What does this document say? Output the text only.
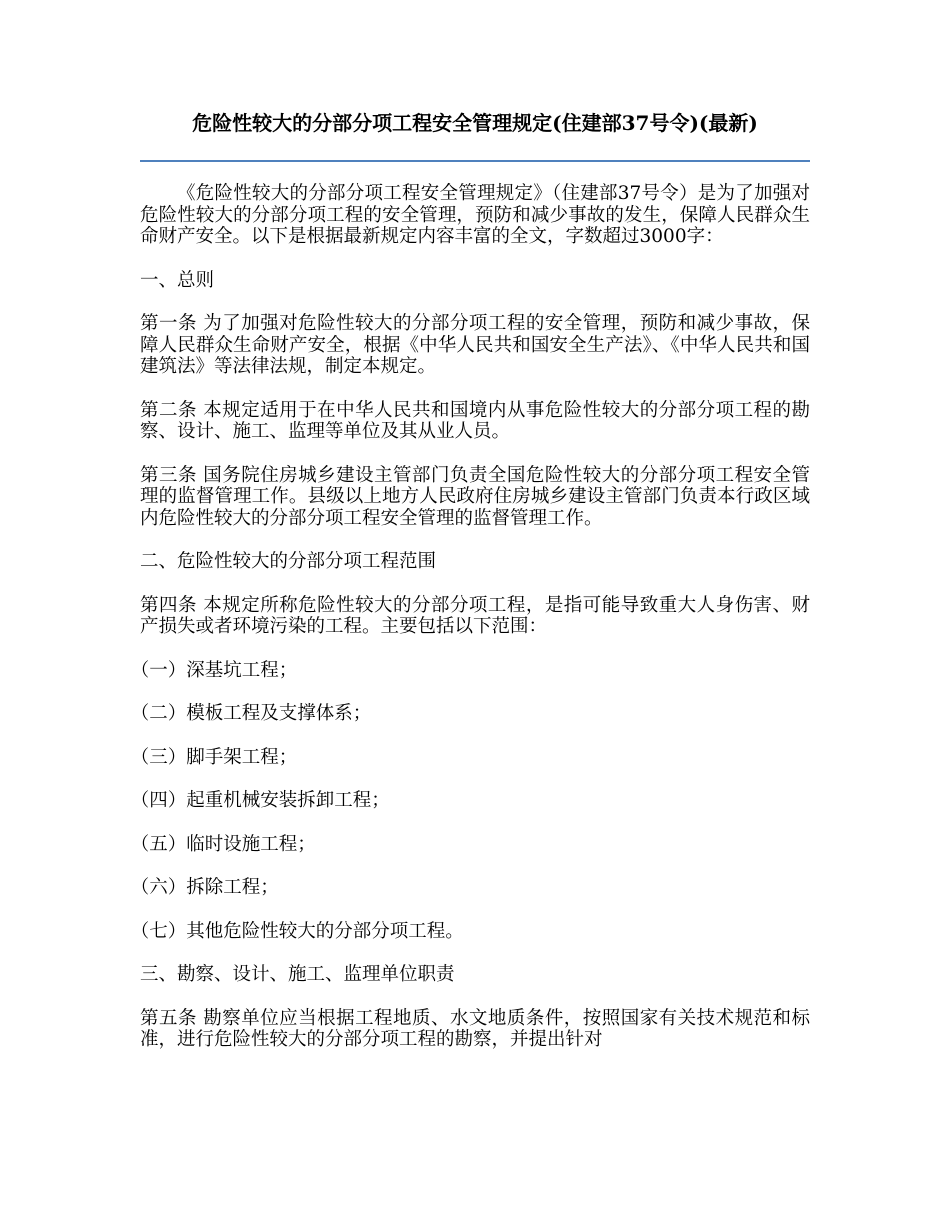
危险性较大的分部分项工程安全管理规定(住建部37号令)(最新)

《危险性较大的分部分项工程安全管理规定》（住建部37号令）是为了加强对危险性较大的分部分项工程的安全管理，预防和减少事故的发生，保障人民群众生命财产安全。以下是根据最新规定内容丰富的全文，字数超过3000字：

一、总则

第一条 为了加强对危险性较大的分部分项工程的安全管理，预防和减少事故，保障人民群众生命财产安全，根据《中华人民共和国安全生产法》、《中华人民共和国建筑法》等法律法规，制定本规定。

第二条 本规定适用于在中华人民共和国境内从事危险性较大的分部分项工程的勘察、设计、施工、监理等单位及其从业人员。

第三条 国务院住房城乡建设主管部门负责全国危险性较大的分部分项工程安全管理的监督管理工作。县级以上地方人民政府住房城乡建设主管部门负责本行政区域内危险性较大的分部分项工程安全管理的监督管理工作。

二、危险性较大的分部分项工程范围

第四条 本规定所称危险性较大的分部分项工程，是指可能导致重大人身伤害、财产损失或者环境污染的工程。主要包括以下范围：

（一）深基坑工程；

（二）模板工程及支撑体系；

（三）脚手架工程；

（四）起重机械安装拆卸工程；

（五）临时设施工程；

（六）拆除工程；

（七）其他危险性较大的分部分项工程。

三、勘察、设计、施工、监理单位职责

第五条 勘察单位应当根据工程地质、水文地质条件，按照国家有关技术规范和标准，进行危险性较大的分部分项工程的勘察，并提出针对
